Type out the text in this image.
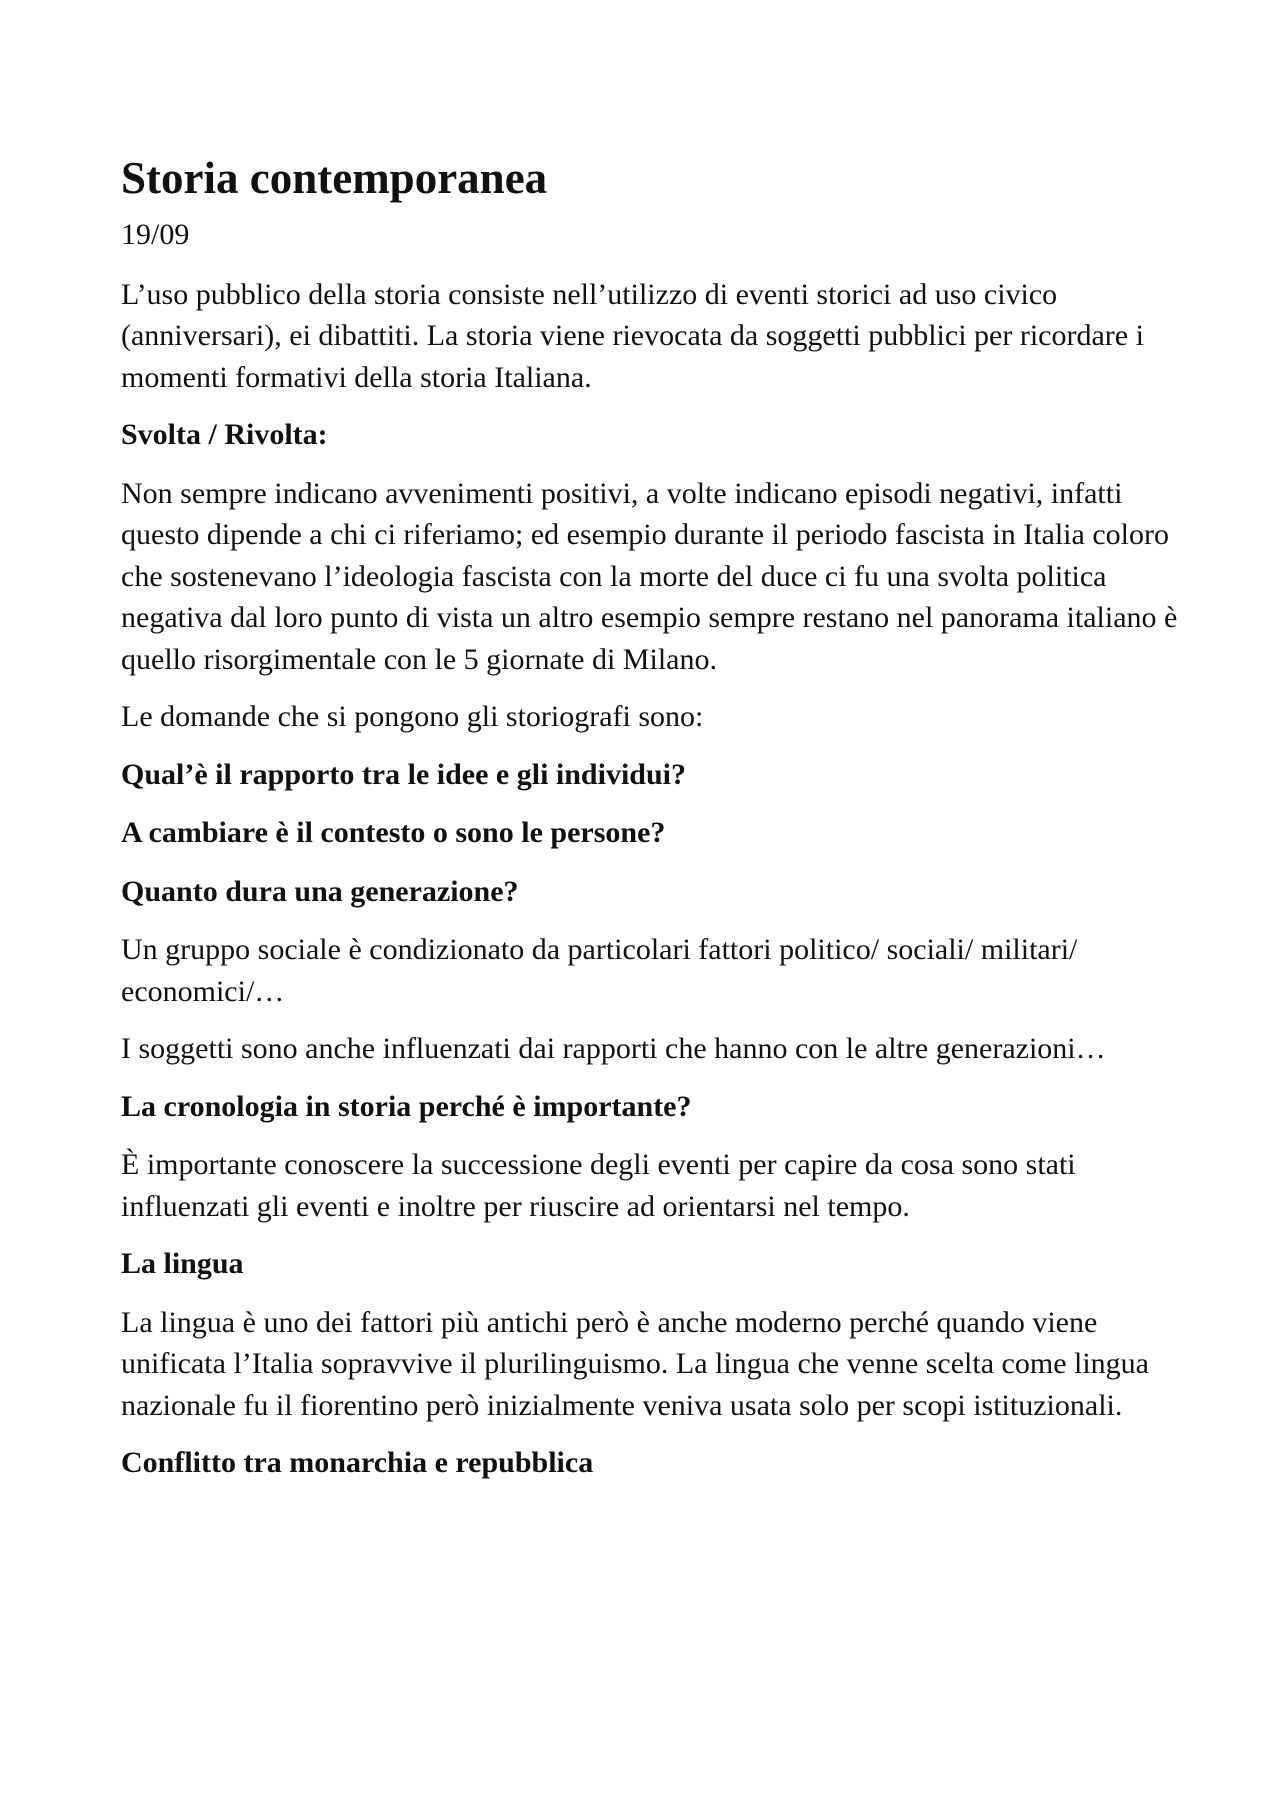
Storia contemporanea

19/09

L’uso pubblico della storia consiste nell’utilizzo di eventi storici ad uso civico (anniversari), ei dibattiti. La storia viene rievocata da soggetti pubblici per ricordare i momenti formativi della storia Italiana.

Svolta / Rivolta:

Non sempre indicano avvenimenti positivi, a volte indicano episodi negativi, infatti questo dipende a chi ci riferiamo; ed esempio durante il periodo fascista in Italia coloro che sostenevano l’ideologia fascista con la morte del duce ci fu una svolta politica negativa dal loro punto di vista un altro esempio sempre restano nel panorama italiano è quello risorgimentale con le 5 giornate di Milano.

Le domande che si pongono gli storiografi sono:

Qual’è il rapporto tra le idee e gli individui?

A cambiare è il contesto o sono le persone?

Quanto dura una generazione?

Un gruppo sociale è condizionato da particolari fattori politico/ sociali/ militari/ economici/…

I soggetti sono anche influenzati dai rapporti che hanno con le altre generazioni…

La cronologia in storia perché è importante?

È importante conoscere la successione degli eventi per capire da cosa sono stati influenzati gli eventi e inoltre per riuscire ad orientarsi nel tempo.

La lingua

La lingua è uno dei fattori più antichi però è anche moderno perché quando viene unificata l’Italia sopravvive il plurilinguismo. La lingua che venne scelta come lingua nazionale fu il fiorentino però inizialmente veniva usata solo per scopi istituzionali.

Conflitto tra monarchia e repubblica
